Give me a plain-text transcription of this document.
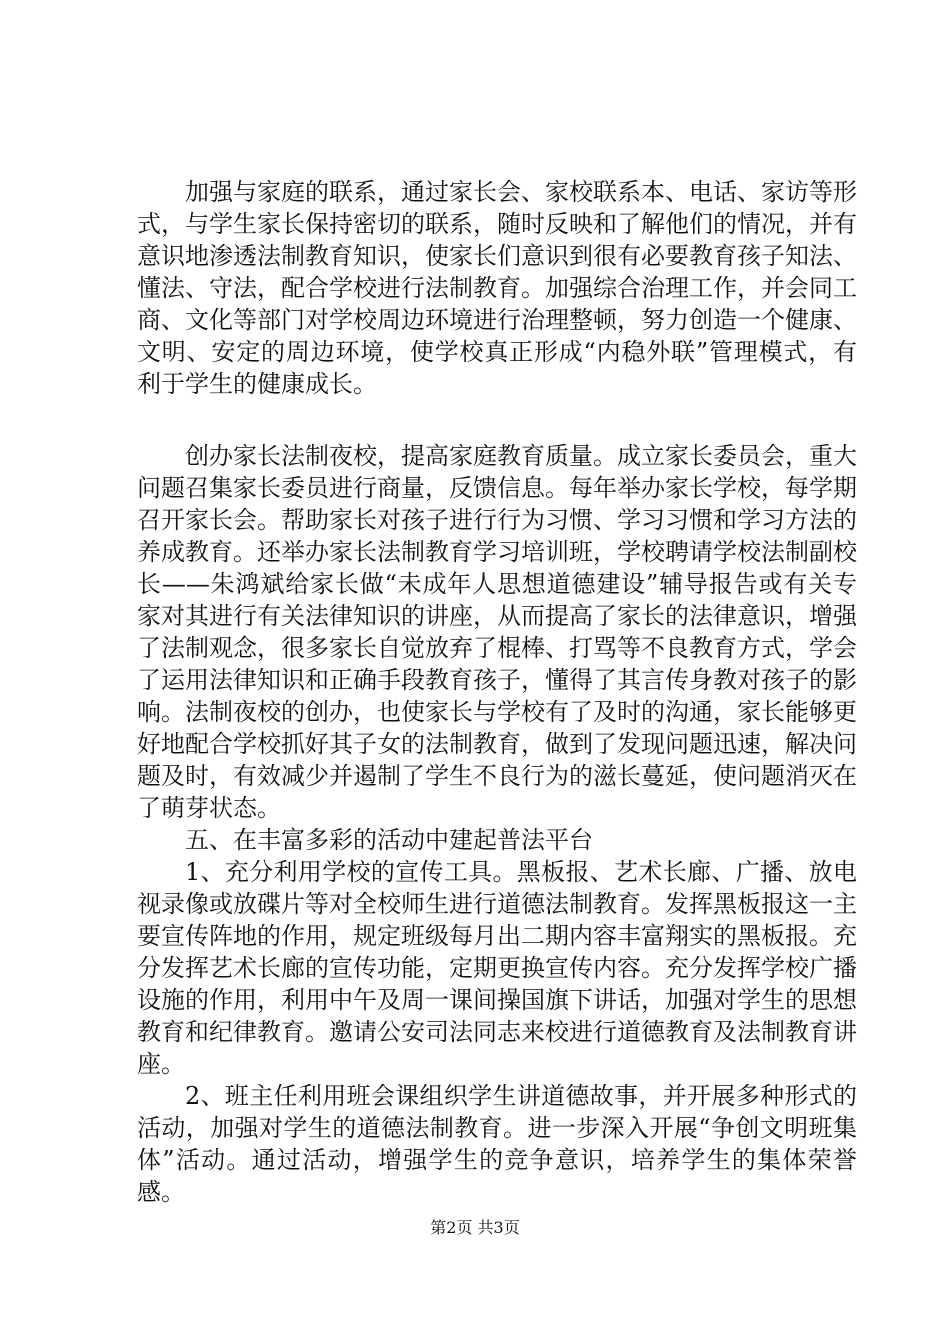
加强与家庭的联系，通过家长会、家校联系本、电话、家访等形式，与学生家长保持密切的联系，随时反映和了解他们的情况，并有意识地渗透法制教育知识，使家长们意识到很有必要教育孩子知法、懂法、守法，配合学校进行法制教育。加强综合治理工作，并会同工商、文化等部门对学校周边环境进行治理整顿，努力创造一个健康、文明、安定的周边环境，使学校真正形成“内稳外联”管理模式，有利于学生的健康成长。

创办家长法制夜校，提高家庭教育质量。成立家长委员会，重大问题召集家长委员进行商量，反馈信息。每年举办家长学校，每学期召开家长会。帮助家长对孩子进行行为习惯、学习习惯和学习方法的养成教育。还举办家长法制教育学习培训班，学校聘请学校法制副校长——朱鸿斌给家长做“未成年人思想道德建设”辅导报告或有关专家对其进行有关法律知识的讲座，从而提高了家长的法律意识，增强了法制观念，很多家长自觉放弃了棍棒、打骂等不良教育方式，学会了运用法律知识和正确手段教育孩子，懂得了其言传身教对孩子的影响。法制夜校的创办，也使家长与学校有了及时的沟通，家长能够更好地配合学校抓好其子女的法制教育，做到了发现问题迅速，解决问题及时，有效减少并遏制了学生不良行为的滋长蔓延，使问题消灭在了萌芽状态。

五、在丰富多彩的活动中建起普法平台

1、充分利用学校的宣传工具。黑板报、艺术长廊、广播、放电视录像或放碟片等对全校师生进行道德法制教育。发挥黑板报这一主要宣传阵地的作用，规定班级每月出二期内容丰富翔实的黑板报。充分发挥艺术长廊的宣传功能，定期更换宣传内容。充分发挥学校广播设施的作用，利用中午及周一课间操国旗下讲话，加强对学生的思想教育和纪律教育。邀请公安司法同志来校进行道德教育及法制教育讲座。

2、班主任利用班会课组织学生讲道德故事，并开展多种形式的活动，加强对学生的道德法制教育。进一步深入开展“争创文明班集体”活动。通过活动，增强学生的竞争意识，培养学生的集体荣誉感。

第2页 共3页
